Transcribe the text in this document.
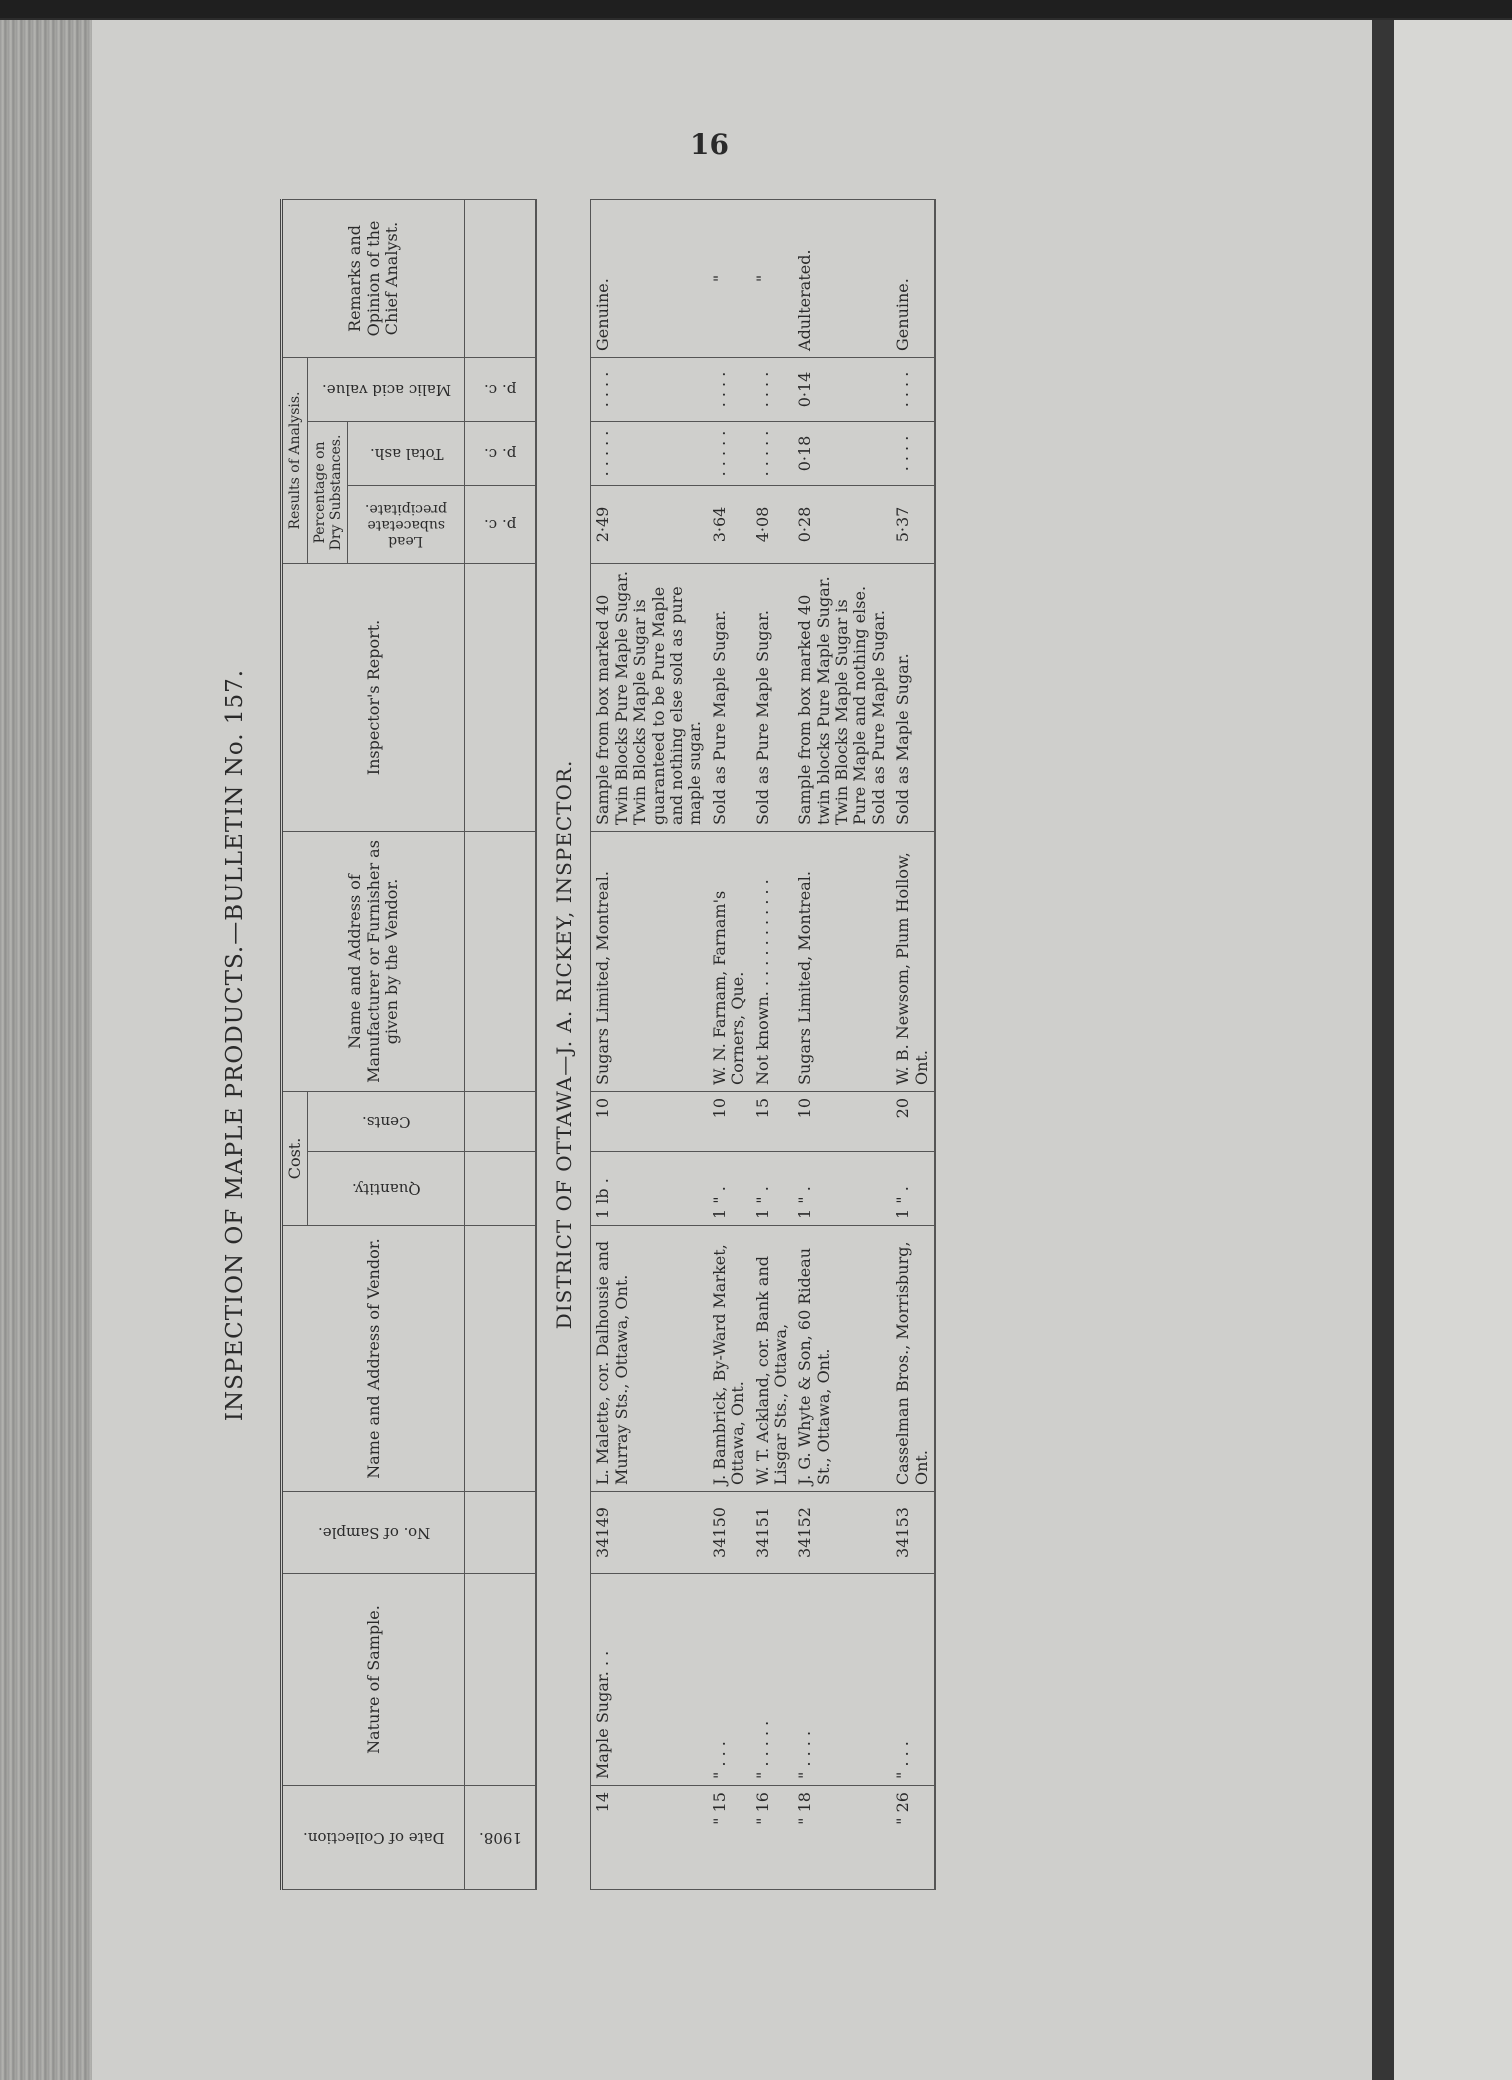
16
INSPECTION OF MAPLE PRODUCTS.—BULLETIN No. 157.
Date of Collection.	Nature of Sample.	No. of Sample.	Name and Address of Vendor.	Cost.		Name and Address of Manufacturer or Furnisher as given by the Vendor.	Inspector's Report.	Results of Analysis.			Remarks and Opinion of the Chief Analyst.

				Quantity.	Cents.			Percentage on Dry Substances.		Malic acid value.	

								Lead subacetate precipitate.	Total ash.		

1908.								p. c.	p. c.	p. c.	

DISTRICT OF OTTAWA—J. A. RICKEY, INSPECTOR.											
14	Maple Sugar. . .	34149	L. Malette, cor. Dalhousie and Murray Sts., Ottawa, Ont.	1 lb .	10	Sugars Limited, Montreal.	Sample from box marked 40 Twin Blocks Pure Maple Sugar. Twin Blocks Maple Sugar is guaranteed to be Pure Maple and nothing else sold as pure maple sugar.	2·49	. . . . .	. . . .	Genuine.
" 15	" . . .	34150	J. Bambrick, By-Ward Market, Ottawa, Ont.	1 " .	10	W. N. Farnam, Farnam's Corners, Que.	Sold as Pure Maple Sugar.	3·64	. . . . .	. . . .	"
" 16	" . . . . .	34151	W. T. Ackland, cor. Bank and Lisgar Sts., Ottawa,	1 " .	15	Not known. . . . . . . . . . . .	Sold as Pure Maple Sugar.	4·08	. . . . .	. . . .	"
" 18	" . . . .	34152	J. G. Whyte & Son, 60 Rideau St., Ottawa, Ont.	1 " .	10	Sugars Limited, Montreal.	Sample from box marked 40 twin blocks Pure Maple Sugar. Twin Blocks Maple Sugar is Pure Maple and nothing else. Sold as Pure Maple Sugar.	0·28	0·18	0·14	Adulterated.
" 26	" . . .	34153	Casselman Bros., Morrisburg, Ont.	1 " .	20	W. B. Newsom, Plum Hollow, Ont.	Sold as Maple Sugar.	5·37	. . . .	. . . .	Genuine.
